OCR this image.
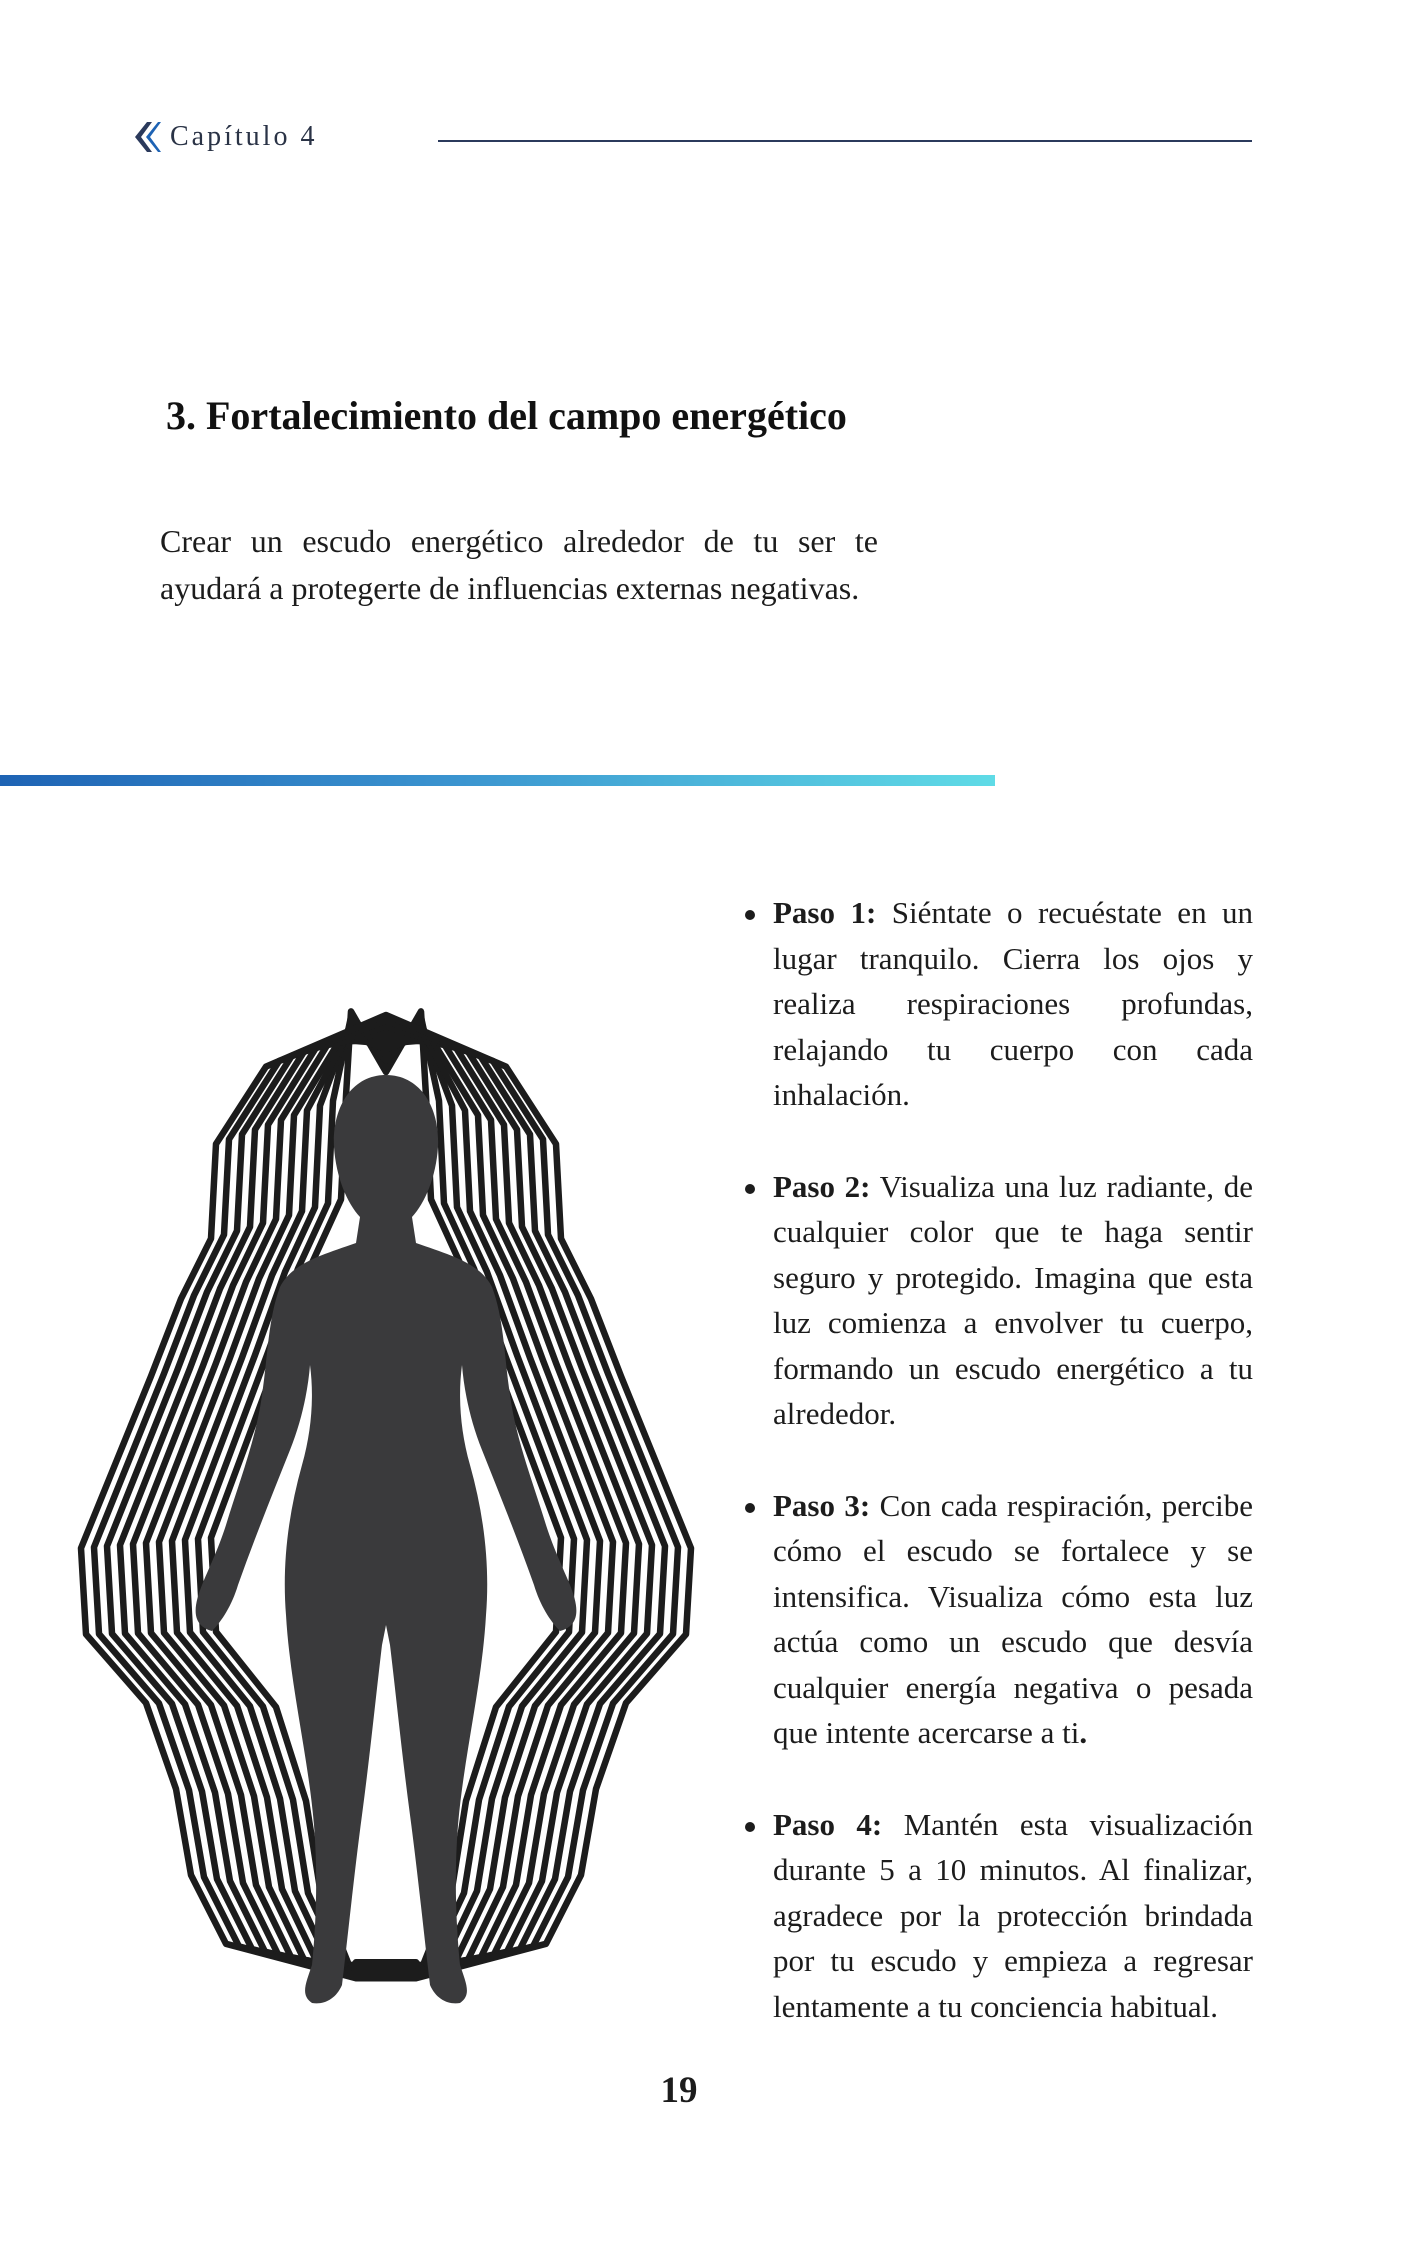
Capítulo 4
3. Fortalecimiento del campo energético

Crear un escudo energético alrededor de tu ser te ayudará a protegerte de influencias externas negativas.

Paso 1: Siéntate o recuéstate en un lugar tranquilo. Cierra los ojos y realiza respiraciones profundas, relajando tu cuerpo con cada inhalación.
Paso 2: Visualiza una luz radiante, de cualquier color que te haga sentir seguro y protegido. Imagina que esta luz comienza a envolver tu cuerpo, formando un escudo energético a tu alrededor.
Paso 3: Con cada respiración, percibe cómo el escudo se fortalece y se intensifica. Visualiza cómo esta luz actúa como un escudo que desvía cualquier energía negativa o pesada que intente acercarse a ti.
Paso 4: Mantén esta visualización durante 5 a 10 minutos. Al finalizar, agradece por la protección brindada por tu escudo y empieza a regresar lentamente a tu conciencia habitual.
19
